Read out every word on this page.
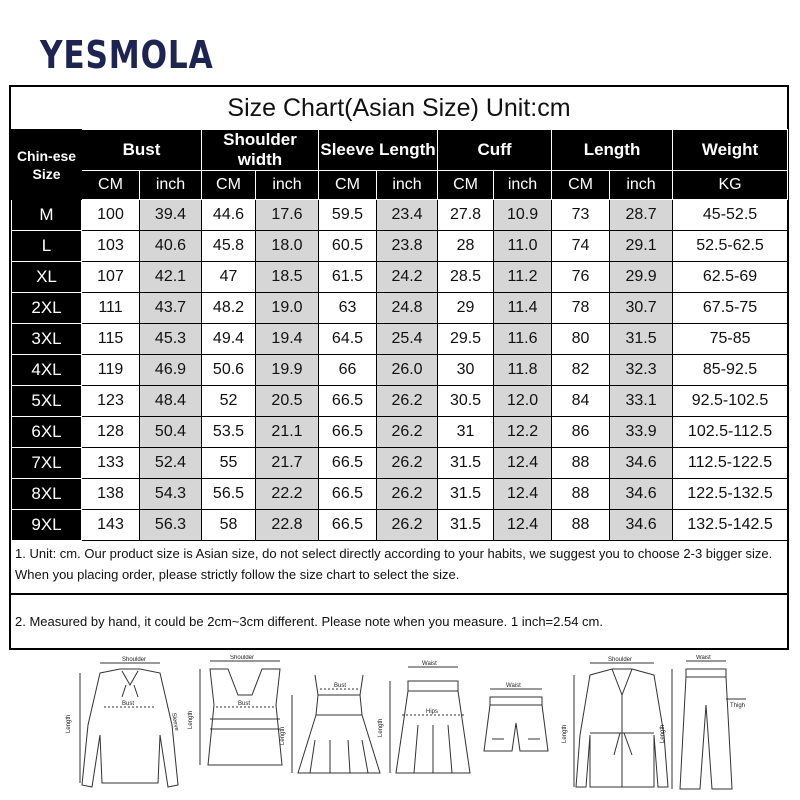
YESMOLA
Size Chart(Asian Size) Unit:cm
Chin-ese Size	Bust		Shoulder width		Sleeve Length		Cuff		Length		Weight
	CM	inch	CM	inch	CM	inch	CM	inch	CM	inch	KG
M	100	39.4	44.6	17.6	59.5	23.4	27.8	10.9	73	28.7	45-52.5
L	103	40.6	45.8	18.0	60.5	23.8	28	11.0	74	29.1	52.5-62.5
XL	107	42.1	47	18.5	61.5	24.2	28.5	11.2	76	29.9	62.5-69
2XL	111	43.7	48.2	19.0	63	24.8	29	11.4	78	30.7	67.5-75
3XL	115	45.3	49.4	19.4	64.5	25.4	29.5	11.6	80	31.5	75-85
4XL	119	46.9	50.6	19.9	66	26.0	30	11.8	82	32.3	85-92.5
5XL	123	48.4	52	20.5	66.5	26.2	30.5	12.0	84	33.1	92.5-102.5
6XL	128	50.4	53.5	21.1	66.5	26.2	31	12.2	86	33.9	102.5-112.5
7XL	133	52.4	55	21.7	66.5	26.2	31.5	12.4	88	34.6	112.5-122.5
8XL	138	54.3	56.5	22.2	66.5	26.2	31.5	12.4	88	34.6	122.5-132.5
9XL	143	56.3	58	22.8	66.5	26.2	31.5	12.4	88	34.6	132.5-142.5
1. Unit: cm. Our product size is Asian size, do not select directly according to your habits, we suggest you to choose 2-3 bigger size. When you placing order, please strictly follow the size chart to select the size.
2. Measured by hand, it could be 2cm~3cm different. Please note when you measure. 1 inch=2.54 cm.
Shoulder
Bust
Length	Sleeve
Shoulder
Bust
Length
Bust
Length
Waist
Hips
Length
Waist
Shoulder
Length
Waist
Thigh
Length
